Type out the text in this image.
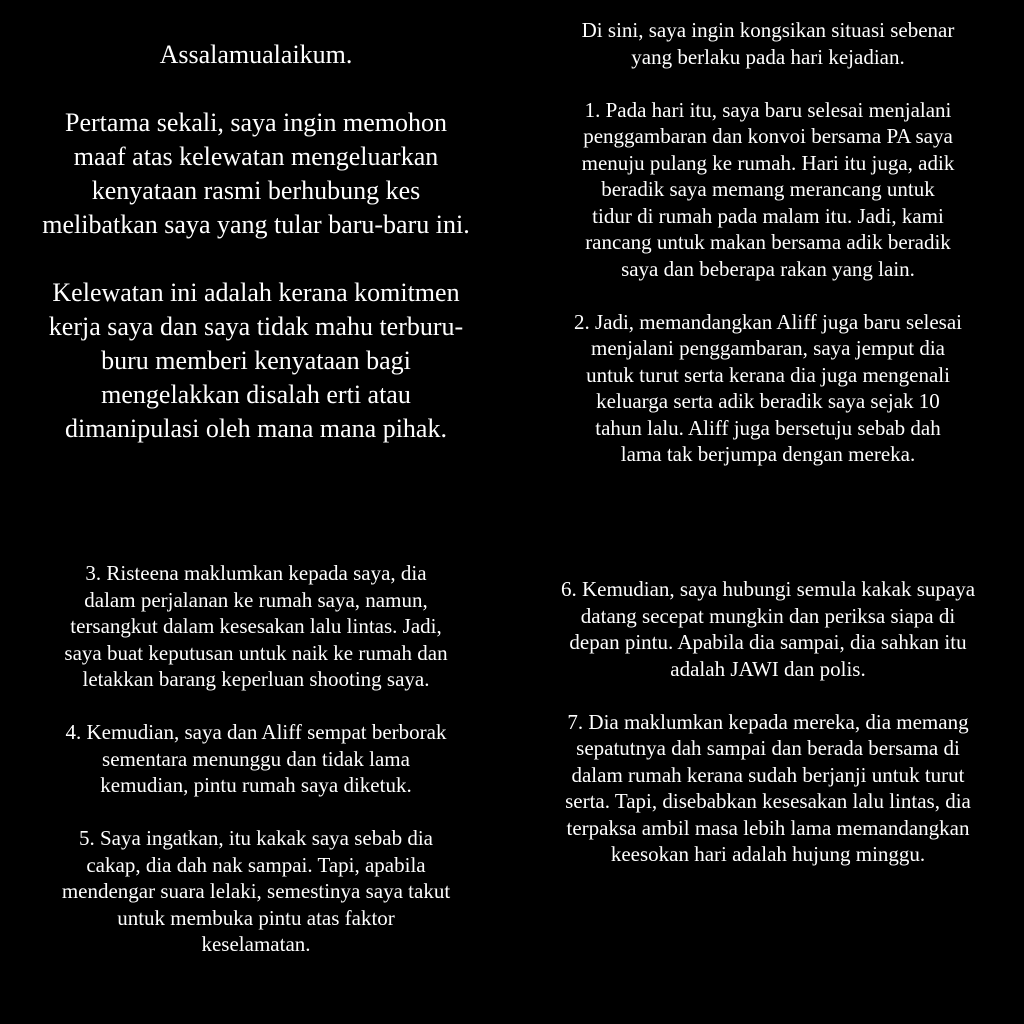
Assalamualaikum.

Pertama sekali, saya ingin memohon
maaf atas kelewatan mengeluarkan
kenyataan rasmi berhubung kes
melibatkan saya yang tular baru-baru ini.

Kelewatan ini adalah kerana komitmen
kerja saya dan saya tidak mahu terburu-
buru memberi kenyataan bagi
mengelakkan disalah erti atau
dimanipulasi oleh mana mana pihak.

Di sini, saya ingin kongsikan situasi sebenar
yang berlaku pada hari kejadian.

1. Pada hari itu, saya baru selesai menjalani
penggambaran dan konvoi bersama PA saya
menuju pulang ke rumah. Hari itu juga, adik
beradik saya memang merancang untuk
tidur di rumah pada malam itu. Jadi, kami
rancang untuk makan bersama adik beradik
saya dan beberapa rakan yang lain.

2. Jadi, memandangkan Aliff juga baru selesai
menjalani penggambaran, saya jemput dia
untuk turut serta kerana dia juga mengenali
keluarga serta adik beradik saya sejak 10
tahun lalu. Aliff juga bersetuju sebab dah
lama tak berjumpa dengan mereka.

3. Risteena maklumkan kepada saya, dia
dalam perjalanan ke rumah saya, namun,
tersangkut dalam kesesakan lalu lintas. Jadi,
saya buat keputusan untuk naik ke rumah dan
letakkan barang keperluan shooting saya.

4. Kemudian, saya dan Aliff sempat berborak
sementara menunggu dan tidak lama
kemudian, pintu rumah saya diketuk.

5. Saya ingatkan, itu kakak saya sebab dia
cakap, dia dah nak sampai. Tapi, apabila
mendengar suara lelaki, semestinya saya takut
untuk membuka pintu atas faktor
keselamatan.

6. Kemudian, saya hubungi semula kakak supaya
datang secepat mungkin dan periksa siapa di
depan pintu. Apabila dia sampai, dia sahkan itu
adalah JAWI dan polis.

7. Dia maklumkan kepada mereka, dia memang
sepatutnya dah sampai dan berada bersama di
dalam rumah kerana sudah berjanji untuk turut
serta. Tapi, disebabkan kesesakan lalu lintas, dia
terpaksa ambil masa lebih lama memandangkan
keesokan hari adalah hujung minggu.
